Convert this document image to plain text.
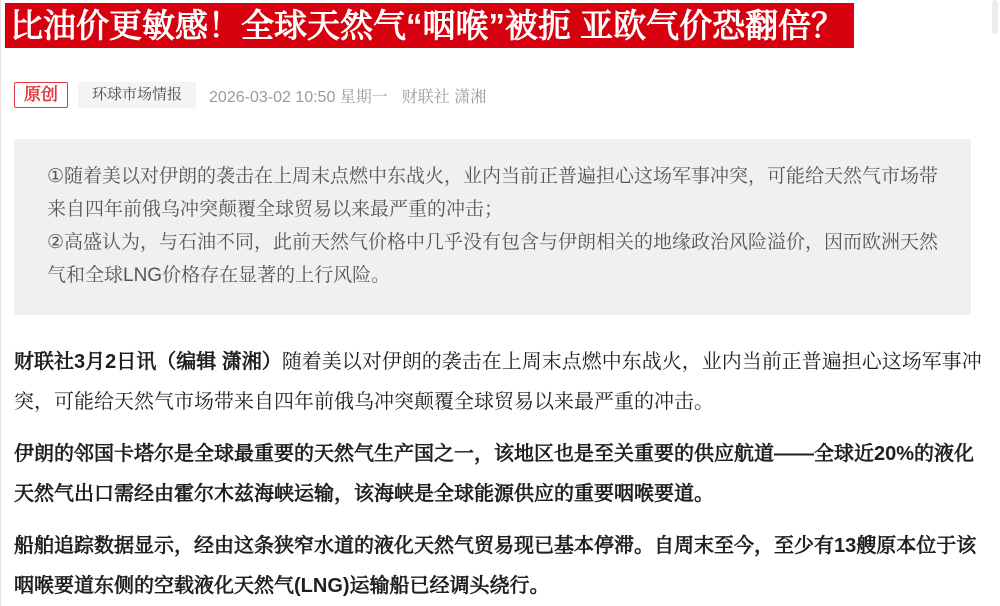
比油价更敏感！全球天然气“咽喉”被扼 亚欧气价恐翻倍？
原创	环球市场情报	2026-03-02 10:50 星期一 财联社 潇湘

①随着美以对伊朗的袭击在上周末点燃中东战火，业内当前正普遍担心这场军事冲突，可能给天然气市场带来自四年前俄乌冲突颠覆全球贸易以来最严重的冲击；

②高盛认为，与石油不同，此前天然气价格中几乎没有包含与伊朗相关的地缘政治风险溢价，因而欧洲天然气和全球LNG价格存在显著的上行风险。

财联社3月2日讯（编辑 潇湘）随着美以对伊朗的袭击在上周末点燃中东战火，业内当前正普遍担心这场军事冲突，可能给天然气市场带来自四年前俄乌冲突颠覆全球贸易以来最严重的冲击。

伊朗的邻国卡塔尔是全球最重要的天然气生产国之一，该地区也是至关重要的供应航道——全球近20%的液化天然气出口需经由霍尔木兹海峡运输，该海峡是全球能源供应的重要咽喉要道。

船舶追踪数据显示，经由这条狭窄水道的液化天然气贸易现已基本停滞。自周末至今，至少有13艘原本位于该咽喉要道东侧的空载液化天然气(LNG)运输船已经调头绕行。
